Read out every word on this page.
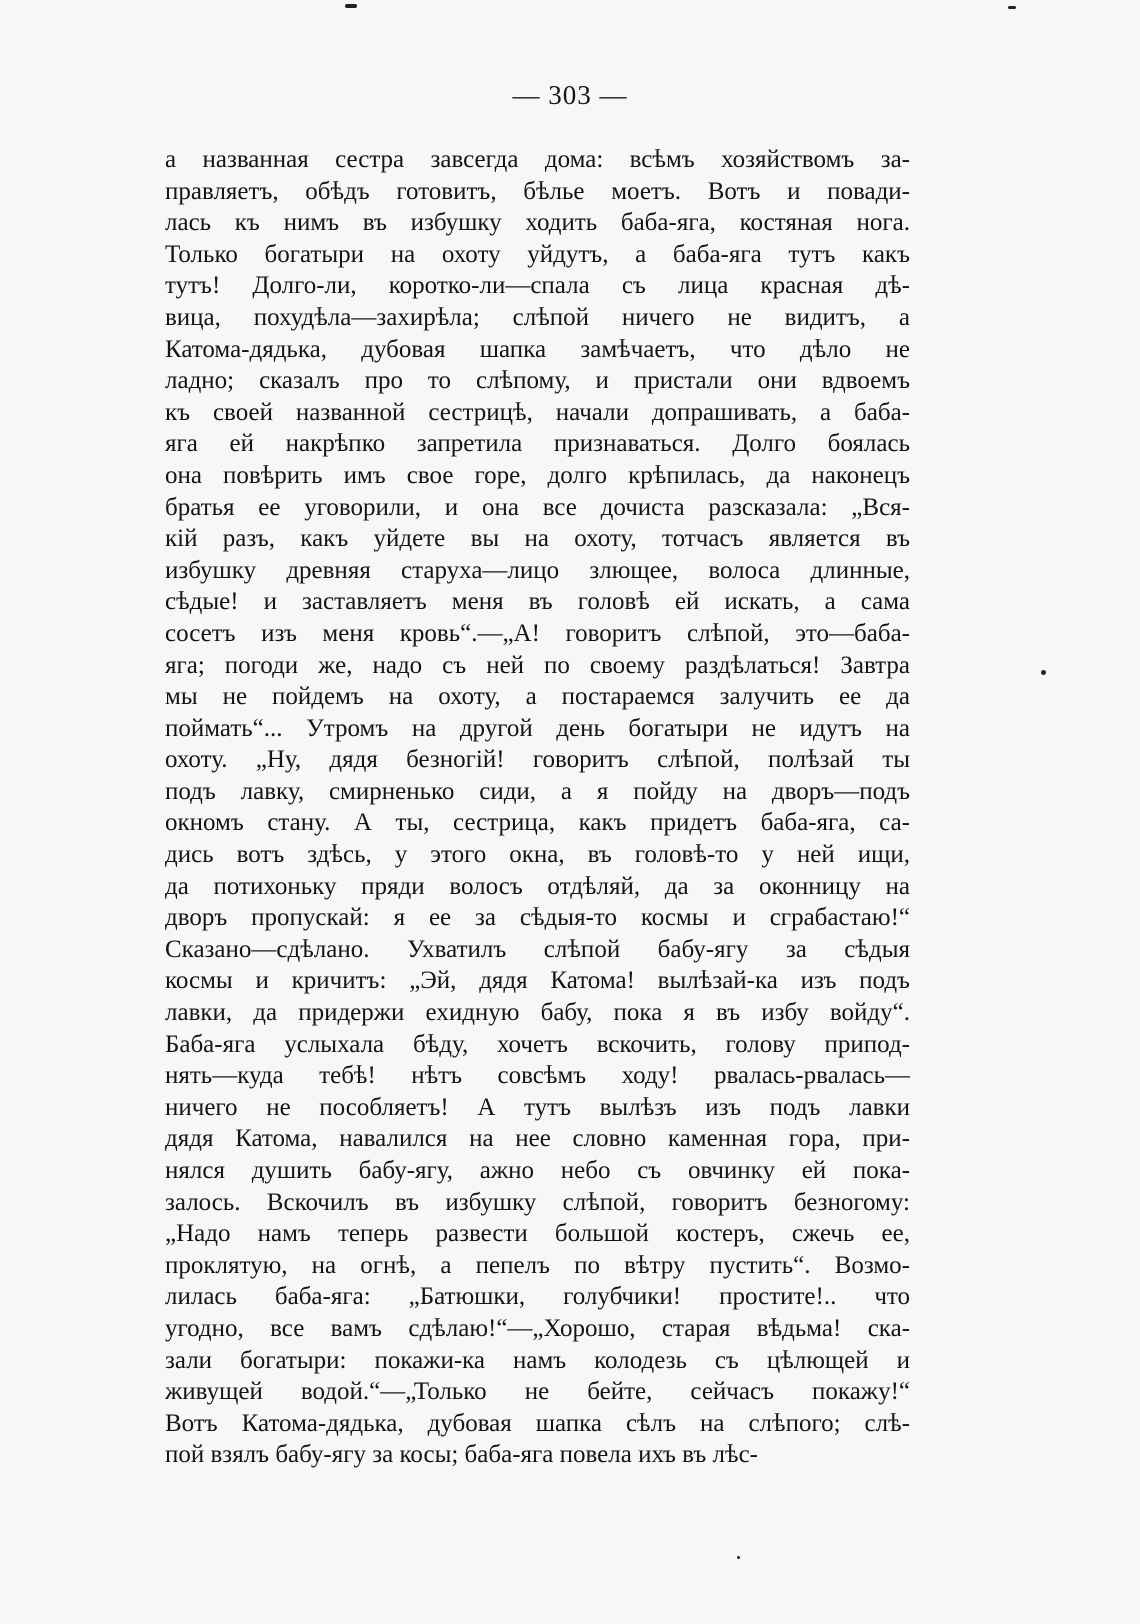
— 303 —
а названная сестра завсегда дома: всѣмъ хозяйствомъ за-
правляетъ, обѣдъ готовитъ, бѣлье моетъ. Вотъ и повади-
лась къ нимъ въ избушку ходить баба-яга, костяная нога.
Только богатыри на охоту уйдутъ, а баба-яга тутъ какъ
тутъ! Долго-ли, коротко-ли—спала съ лица красная дѣ-
вица, похудѣла—захирѣла; слѣпой ничего не видитъ, а
Катома-дядька, дубовая шапка замѣчаетъ, что дѣло не
ладно; сказалъ про то слѣпому, и пристали они вдвоемъ
къ своей названной сестрицѣ, начали допрашивать, а баба-
яга ей накрѣпко запретила признаваться. Долго боялась
она повѣрить имъ свое горе, долго крѣпилась, да наконецъ
братья ее уговорили, и она все дочиста разсказала: „Вся-
кій разъ, какъ уйдете вы на охоту, тотчасъ является въ
избушку древняя старуха—лицо злющее, волоса длинные,
сѣдые! и заставляетъ меня въ головѣ ей искать, а сама
сосетъ изъ меня кровь“.—„А! говоритъ слѣпой, это—баба-
яга; погоди же, надо съ ней по своему раздѣлаться! Завтра
мы не пойдемъ на охоту, а постараемся залучить ее да
поймать“... Утромъ на другой день богатыри не идутъ на
охоту. „Ну, дядя безногій! говоритъ слѣпой, полѣзай ты
подъ лавку, смирненько сиди, а я пойду на дворъ—подъ
окномъ стану. А ты, сестрица, какъ придетъ баба-яга, са-
дись вотъ здѣсь, у этого окна, въ головѣ-то у ней ищи,
да потихоньку пряди волосъ отдѣляй, да за оконницу на
дворъ пропускай: я ее за сѣдыя-то космы и сграбастаю!“
Сказано—сдѣлано. Ухватилъ слѣпой бабу-ягу за сѣдыя
космы и кричитъ: „Эй, дядя Катома! вылѣзай-ка изъ подъ
лавки, да придержи ехидную бабу, пока я въ избу войду“.
Баба-яга услыхала бѣду, хочетъ вскочить, голову припод-
нять—куда тебѣ! нѣтъ совсѣмъ ходу! рвалась-рвалась—
ничего не пособляетъ! А тутъ вылѣзъ изъ подъ лавки
дядя Катома, навалился на нее словно каменная гора, при-
нялся душить бабу-ягу, ажно небо съ овчинку ей пока-
залось. Вскочилъ въ избушку слѣпой, говоритъ безногому:
„Надо намъ теперь развести большой костеръ, сжечь ее,
проклятую, на огнѣ, а пепелъ по вѣтру пустить“. Возмо-
лилась баба-яга: „Батюшки, голубчики! простите!.. что
угодно, все вамъ сдѣлаю!“—„Хорошо, старая вѣдьма! ска-
зали богатыри: покажи-ка намъ колодезь съ цѣлющей и
живущей водой.“—„Только не бейте, сейчасъ покажу!“
Вотъ Катома-дядька, дубовая шапка сѣлъ на слѣпого; слѣ-
пой взялъ бабу-ягу за косы; баба-яга повела ихъ въ лѣс-
